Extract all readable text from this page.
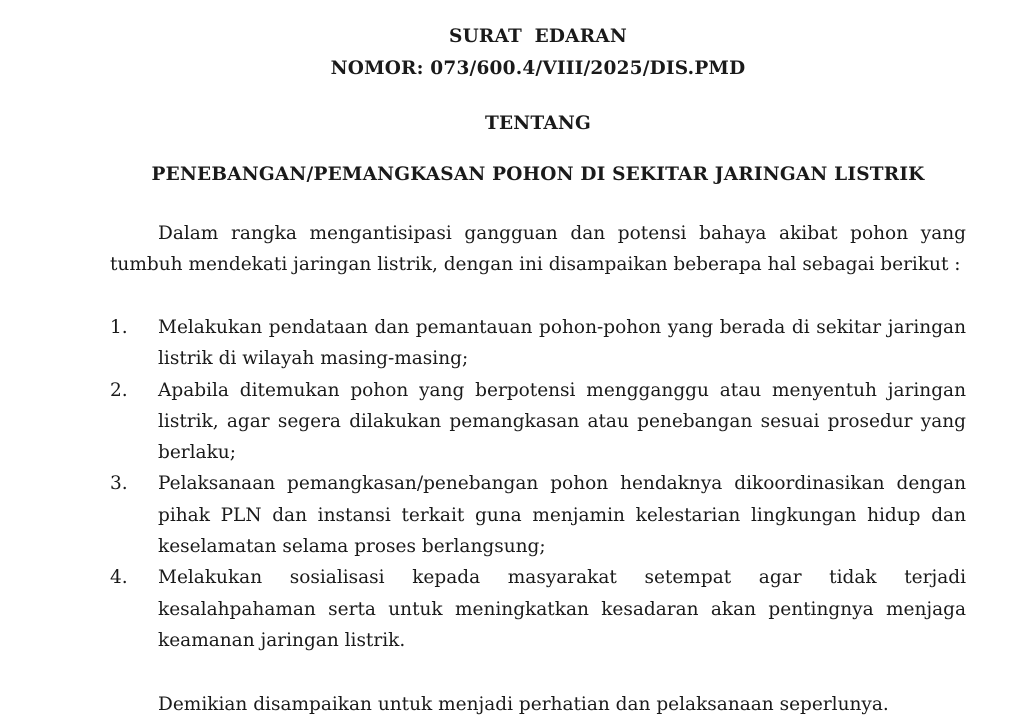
SURAT EDARAN
NOMOR: 073/600.4/VIII/2025/DIS.PMD
TENTANG
PENEBANGAN/PEMANGKASAN POHON DI SEKITAR JARINGAN LISTRIK
Dalam rangka mengantisipasi gangguan dan potensi bahaya akibat pohon yang tumbuh mendekati jaringan listrik, dengan ini disampaikan beberapa hal sebagai berikut :
1. Melakukan pendataan dan pemantauan pohon-pohon yang berada di sekitar jaringan listrik di wilayah masing-masing;
2. Apabila ditemukan pohon yang berpotensi mengganggu atau menyentuh jaringan listrik, agar segera dilakukan pemangkasan atau penebangan sesuai prosedur yang berlaku;
3. Pelaksanaan pemangkasan/penebangan pohon hendaknya dikoordinasikan dengan pihak PLN dan instansi terkait guna menjamin kelestarian lingkungan hidup dan keselamatan selama proses berlangsung;
4. Melakukan sosialisasi kepada masyarakat setempat agar tidak terjadi kesalahpahaman serta untuk meningkatkan kesadaran akan pentingnya menjaga keamanan jaringan listrik.
Demikian disampaikan untuk menjadi perhatian dan pelaksanaan seperlunya.
